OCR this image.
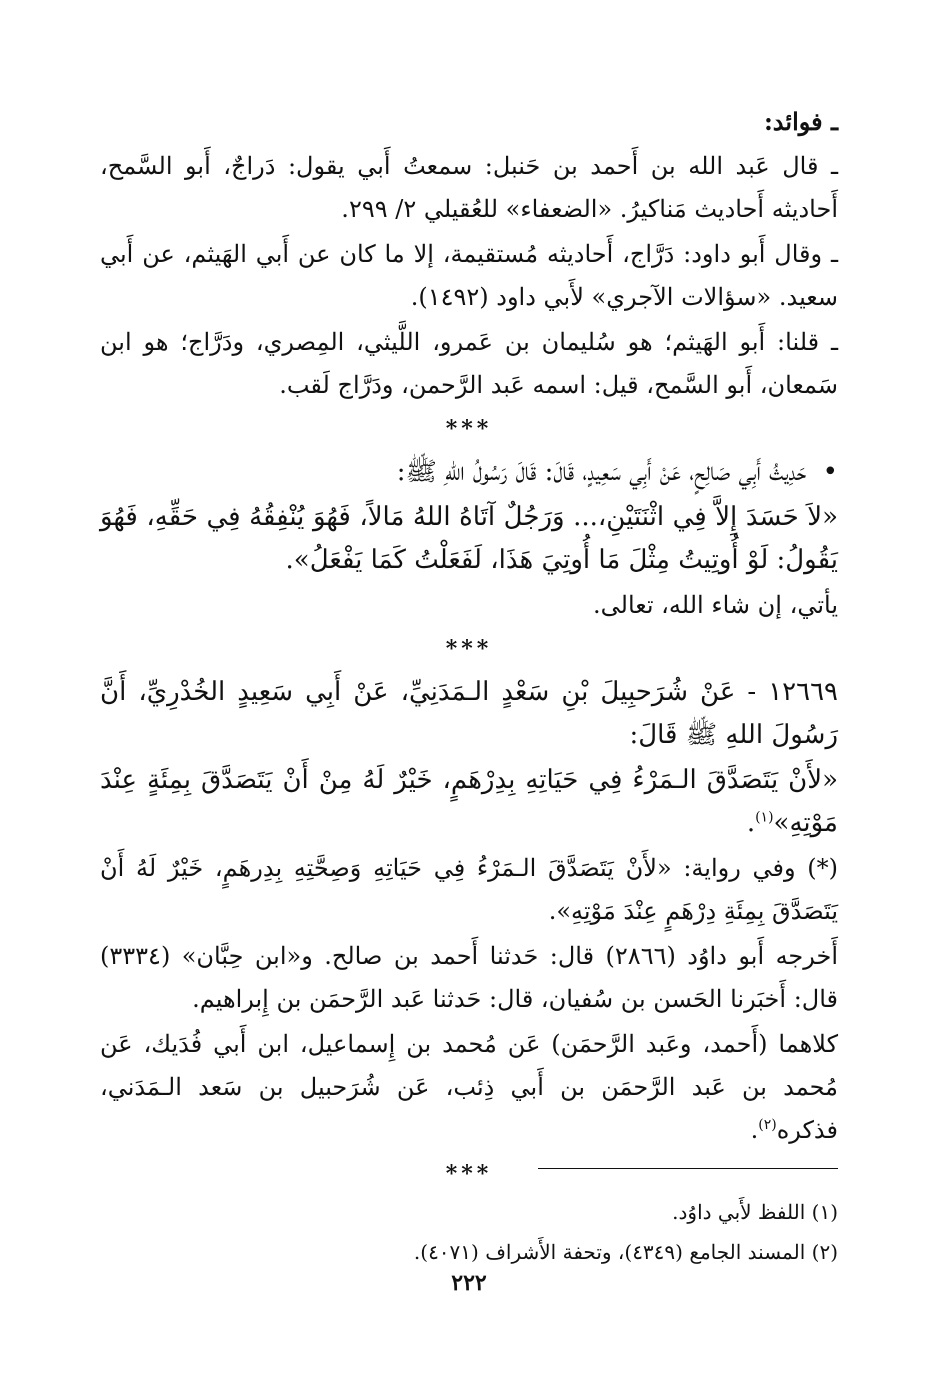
ـ فوائد:

ـ قال عَبد الله بن أَحمد بن حَنبل: سمعتُ أَبي يقول: دَراجٌ، أَبو السَّمح، أَحاديثه أَحاديث مَناكيرُ. «الضعفاء» للعُقيلي ٢/ ٢٩٩.

ـ وقال أَبو داود: دَرَّاج، أَحاديثه مُستقيمة، إلا ما كان عن أَبي الهَيثم، عن أَبي سعيد. «سؤالات الآجري» لأَبي داود (١٤٩٢).

ـ قلنا: أَبو الهَيثم؛ هو سُليمان بن عَمرو، اللَّيثي، المِصري، ودَرَّاج؛ هو ابن سَمعان، أَبو السَّمح، قيل: اسمه عَبد الرَّحمن، ودَرَّاج لَقب.

***

• حَدِيثُ أَبِي صَالِحٍ، عَنْ أَبِي سَعِيدٍ، قَالَ: قَالَ رَسُولُ اللهِ ﷺ:

«لاَ حَسَدَ إِلاَّ فِي اثْنَتَيْنِ،... وَرَجُلٌ آتَاهُ اللهُ مَالاً، فَهُوَ يُنْفِقُهُ فِي حَقِّهِ، فَهُوَ يَقُولُ: لَوْ أُوتِيتُ مِثْلَ مَا أُوتِيَ هَذَا، لَفَعَلْتُ كَمَا يَفْعَلُ».

يأتي، إن شاء الله، تعالى.

***

١٢٦٦٩ - عَنْ شُرَحبِيلَ بْنِ سَعْدٍ الـمَدَنِيِّ، عَنْ أَبِي سَعِيدٍ الخُدْرِيِّ، أَنَّ رَسُولَ اللهِ ﷺ قَالَ:

«لأَنْ يَتَصَدَّقَ الـمَرْءُ فِي حَيَاتِهِ بِدِرْهَمٍ، خَيْرٌ لَهُ مِنْ أَنْ يَتَصَدَّقَ بِمِئَةٍ عِنْدَ مَوْتِهِ»$^{(١)}$.

(*) وفي رواية: «لأَنْ يَتَصَدَّقَ الـمَرْءُ فِي حَيَاتِهِ وَصِحَّتِهِ بِدِرهَمٍ، خَيْرٌ لَهُ أَنْ يَتَصَدَّقَ بِمِئَةِ دِرْهَمٍ عِنْدَ مَوْتِهِ».

أَخرجه أَبو داوُد (٢٨٦٦) قال: حَدثنا أَحمد بن صالح. و«ابن حِبَّان» (٣٣٣٤) قال: أَخبَرنا الحَسن بن سُفيان، قال: حَدثنا عَبد الرَّحمَن بن إِبراهيم.

كلاهما (أَحمد، وعَبد الرَّحمَن) عَن مُحمد بن إِسماعيل، ابن أَبي فُدَيك، عَن مُحمد بن عَبد الرَّحمَن بن أَبي ذِئب، عَن شُرَحبيل بن سَعد الـمَدَني، فذكره$^{(٢)}$.

***

(١) اللفظ لأَبي داوُد.

(٢) المسند الجامع (٤٣٤٩)، وتحفة الأَشراف (٤٠٧١).

٢٢٢
